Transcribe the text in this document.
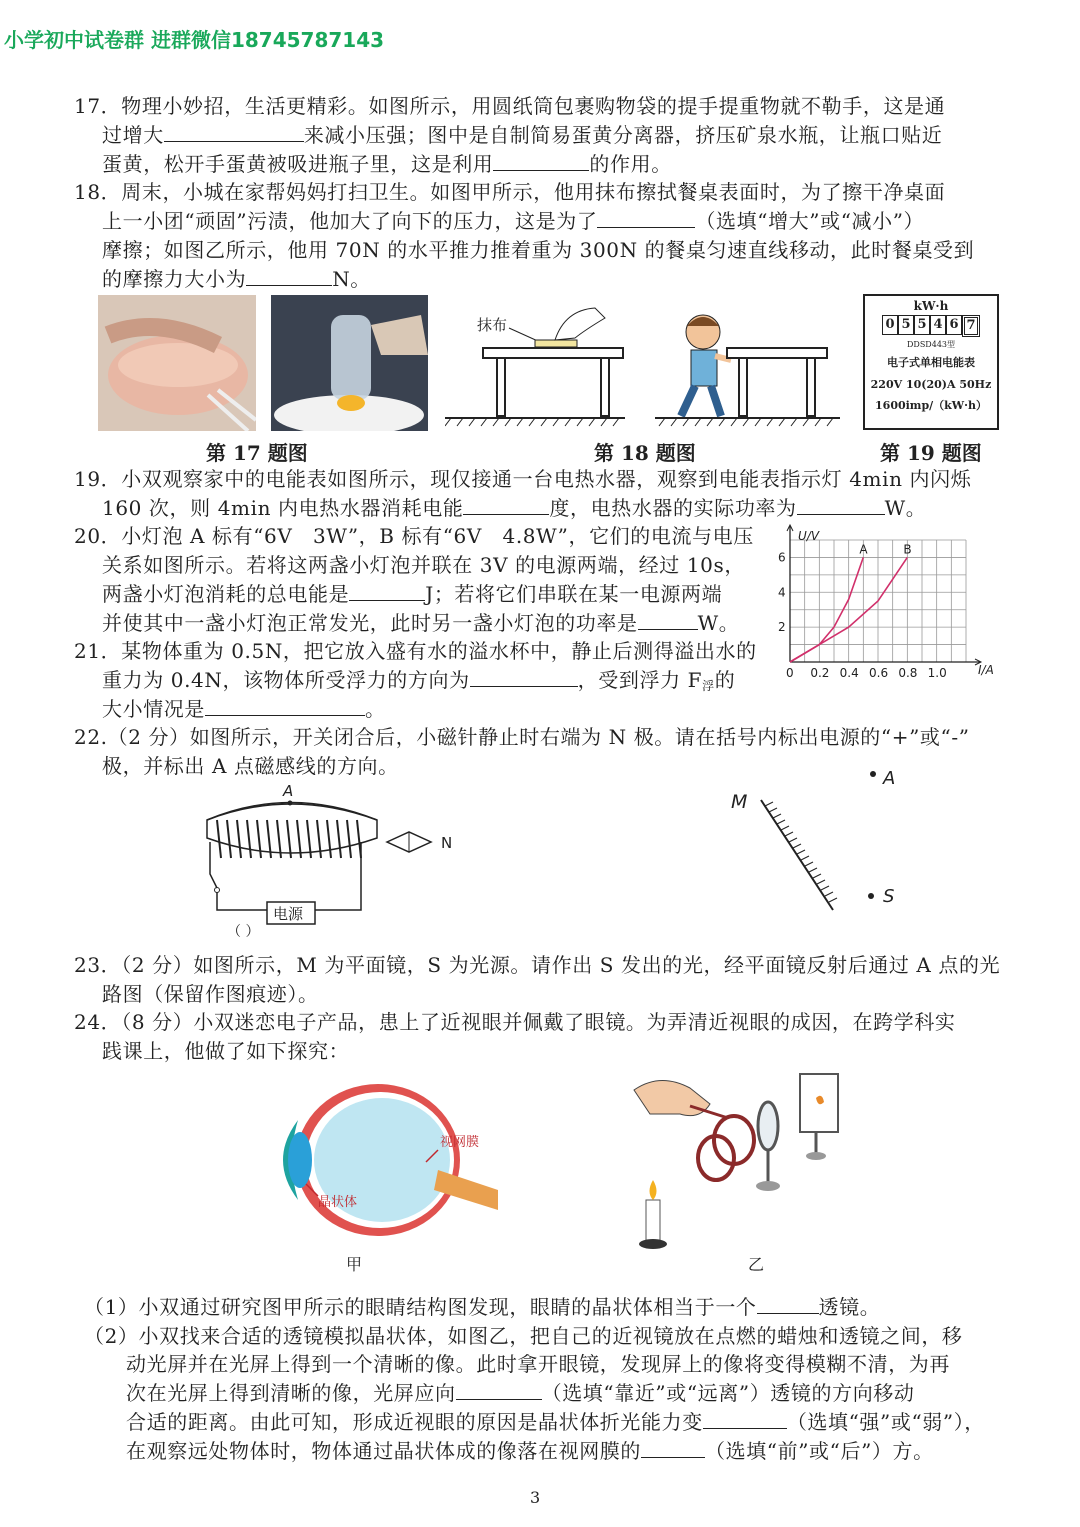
小学初中试卷群 进群微信18745787143
17．物理小妙招，生活更精彩。如图所示，用圆纸筒包裹购物袋的提手提重物就不勒手，这是通
过增大	来减小压强；图中是自制简易蛋黄分离器，挤压矿泉水瓶，让瓶口贴近
蛋黄，松开手蛋黄被吸进瓶子里，这是利用	的作用。
18．周末，小城在家帮妈妈打扫卫生。如图甲所示，他用抹布擦拭餐桌表面时，为了擦干净桌面
上一小团“顽固”污渍，他加大了向下的压力，这是为了	（选填“增大”或“减小”）
摩擦；如图乙所示，他用 70N 的水平推力推着重为 300N 的餐桌匀速直线移动，此时餐桌受到
的摩擦力大小为	N。
抹布
kW·h
0 5 5 4 6 7
DDSD443型
电子式单相电能表
220V 10(20)A 50Hz
1600imp/（kW·h）
第 17 题图	第 18 题图	第 19 题图
19．小双观察家中的电能表如图所示，现仅接通一台电热水器，观察到电能表指示灯 4min 内闪烁
160 次，则 4min 内电热水器消耗电能	度，电热水器的实际功率为	W。
20．小灯泡 A 标有“6V　3W”，B 标有“6V　4.8W”，它们的电流与电压
关系如图所示。若将这两盏小灯泡并联在 3V 的电源两端，经过 10s，
两盏小灯泡消耗的总电能是	J；若将它们串联在某一电源两端
并使其中一盏小灯泡正常发光，此时另一盏小灯泡的功率是	W。
21．某物体重为 0.5N，把它放入盛有水的溢水杯中，静止后测得溢出水的
重力为 0.4N，该物体所受浮力的方向为	，受到浮力 $F_浮$的
大小情况是	。
0 0.2 0.4 0.6 0.8 1.0
2
4
6
U/V
I/A
A	B
22.（2 分）如图所示，开关闭合后，小磁针静止时右端为 N 极。请在括号内标出电源的“+”或“-”
极，并标出 A 点磁感线的方向。
A
电源
（ ）
N
A
M
S
23．（2 分）如图所示，M 为平面镜，S 为光源。请作出 S 发出的光，经平面镜反射后通过 A 点的光
路图（保留作图痕迹）。
24．（8 分）小双迷恋电子产品，患上了近视眼并佩戴了眼镜。为弄清近视眼的成因，在跨学科实
践课上，他做了如下探究：
视网膜
晶状体
甲	乙
（1）小双通过研究图甲所示的眼睛结构图发现，眼睛的晶状体相当于一个	透镜。
（2）小双找来合适的透镜模拟晶状体，如图乙，把自己的近视镜放在点燃的蜡烛和透镜之间，移
动光屏并在光屏上得到一个清晰的像。此时拿开眼镜，发现屏上的像将变得模糊不清，为再
次在光屏上得到清晰的像，光屏应向	（选填“靠近”或“远离”）透镜的方向移动
合适的距离。由此可知，形成近视眼的原因是晶状体折光能力变	（选填“强”或“弱”），
在观察远处物体时，物体通过晶状体成的像落在视网膜的	（选填“前”或“后”）方。
3
